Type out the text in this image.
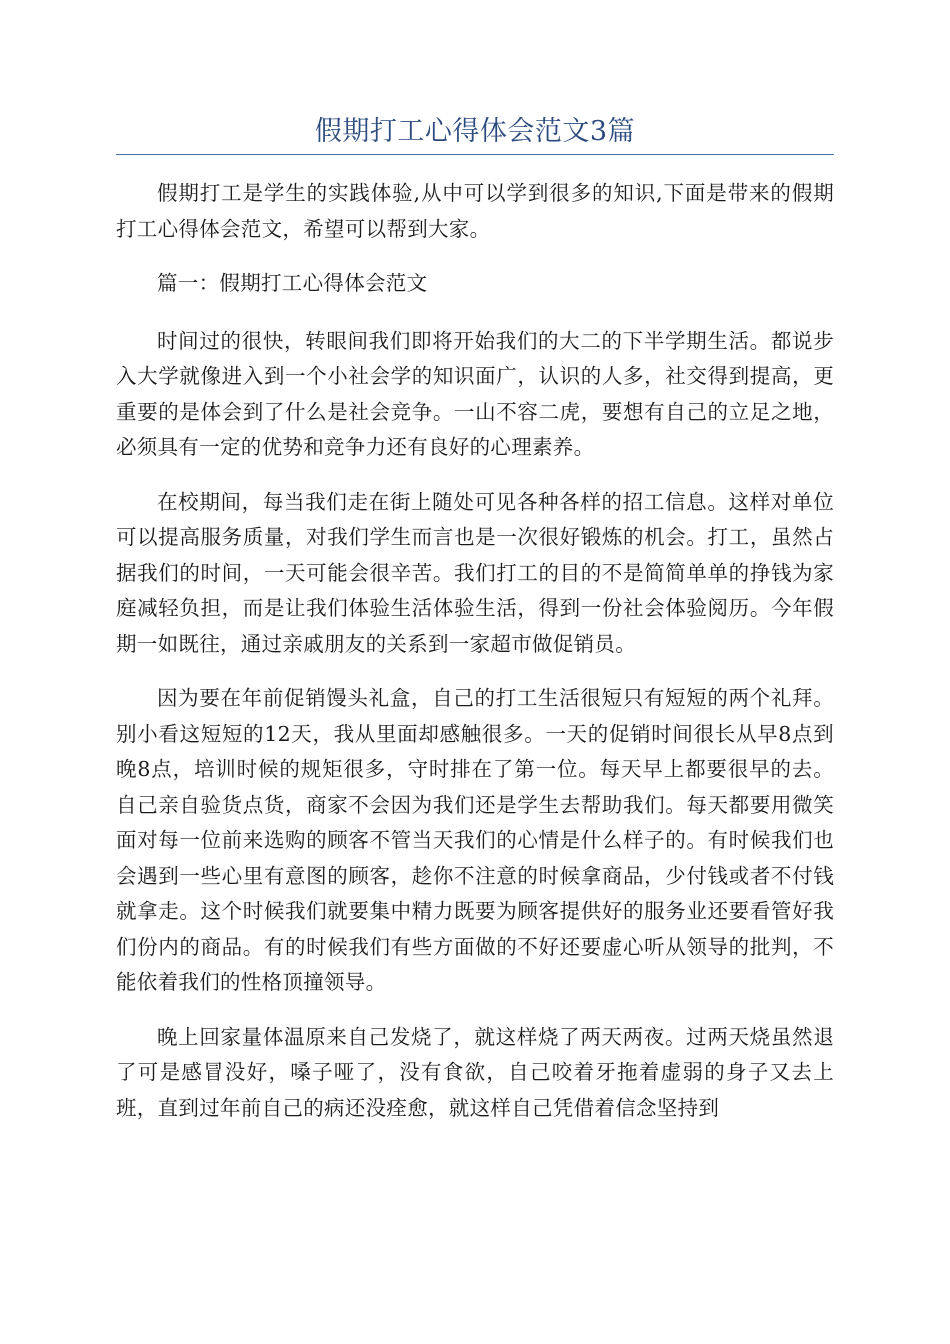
假期打工心得体会范文3篇

假期打工是学生的实践体验,从中可以学到很多的知识,下面是带来的假期打工心得体会范文，希望可以帮到大家。

篇一：假期打工心得体会范文

时间过的很快，转眼间我们即将开始我们的大二的下半学期生活。都说步入大学就像进入到一个小社会学的知识面广，认识的人多，社交得到提高，更重要的是体会到了什么是社会竞争。一山不容二虎，要想有自己的立足之地，必须具有一定的优势和竞争力还有良好的心理素养。

在校期间，每当我们走在街上随处可见各种各样的招工信息。这样对单位可以提高服务质量，对我们学生而言也是一次很好锻炼的机会。打工，虽然占据我们的时间，一天可能会很辛苦。我们打工的目的不是简简单单的挣钱为家庭减轻负担，而是让我们体验生活体验生活，得到一份社会体验阅历。今年假期一如既往，通过亲戚朋友的关系到一家超市做促销员。

因为要在年前促销馒头礼盒，自己的打工生活很短只有短短的两个礼拜。别小看这短短的12天，我从里面却感触很多。一天的促销时间很长从早8点到晚8点，培训时候的规矩很多，守时排在了第一位。每天早上都要很早的去。自己亲自验货点货，商家不会因为我们还是学生去帮助我们。每天都要用微笑面对每一位前来选购的顾客不管当天我们的心情是什么样子的。有时候我们也会遇到一些心里有意图的顾客，趁你不注意的时候拿商品，少付钱或者不付钱就拿走。这个时候我们就要集中精力既要为顾客提供好的服务业还要看管好我们份内的商品。有的时候我们有些方面做的不好还要虚心听从领导的批判，不能依着我们的性格顶撞领导。

晚上回家量体温原来自己发烧了，就这样烧了两天两夜。过两天烧虽然退了可是感冒没好，嗓子哑了，没有食欲，自己咬着牙拖着虚弱的身子又去上班，直到过年前自己的病还没痊愈，就这样自己凭借着信念坚持到
